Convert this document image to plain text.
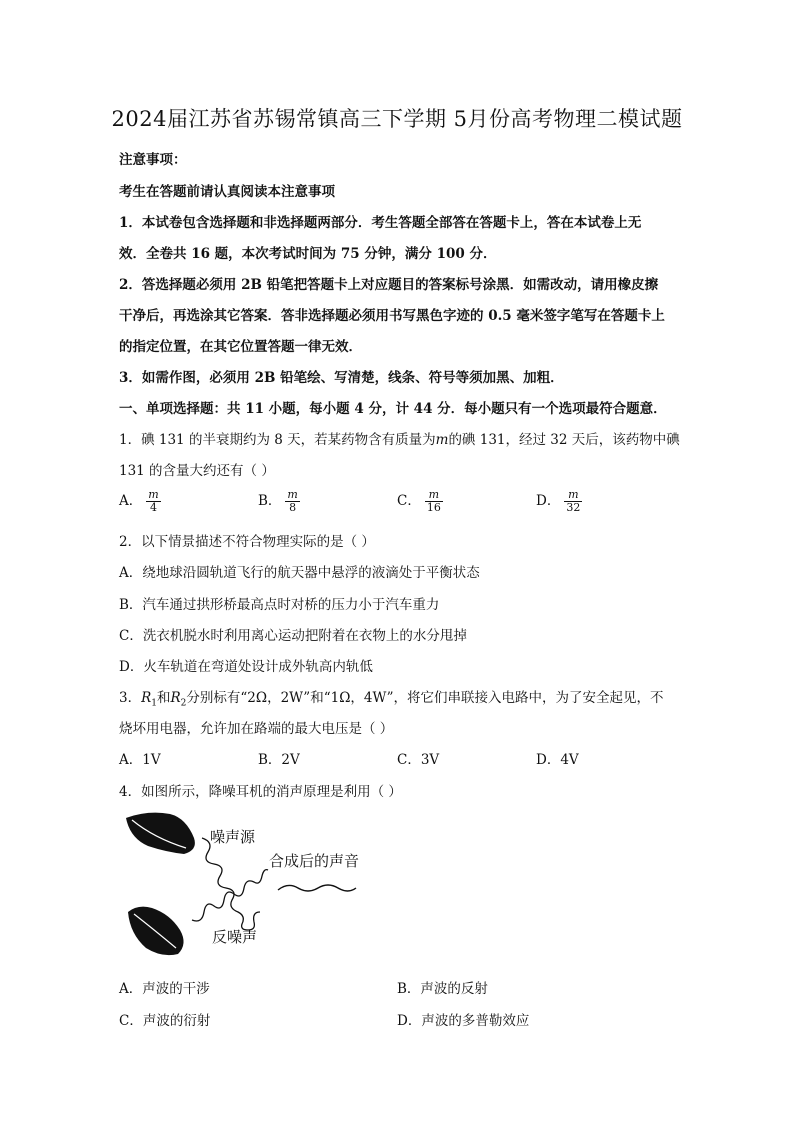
2024届江苏省苏锡常镇高三下学期 5月份高考物理二模试题
注意事项：
考生在答题前请认真阅读本注意事项
1．本试卷包含选择题和非选择题两部分．考生答题全部答在答题卡上，答在本试卷上无
效．全卷共 16 题，本次考试时间为 75 分钟，满分 100 分．
2．答选择题必须用 2B 铅笔把答题卡上对应题目的答案标号涂黑．如需改动，请用橡皮擦
干净后，再选涂其它答案．答非选择题必须用书写黑色字迹的 0.5 毫米签字笔写在答题卡上
的指定位置，在其它位置答题一律无效．
3．如需作图，必须用 2B 铅笔绘、写清楚，线条、符号等须加黑、加粗．
一、单项选择题：共 11 小题，每小题 4 分，计 44 分．每小题只有一个选项最符合题意．
1．碘 131 的半衰期约为 8 天，若某药物含有质量为m的碘 131，经过 32 天后，该药物中碘
131 的含量大约还有（ ）
A． $\frac{m}{4}$	B． $\frac{m}{8}$	C． $\frac{m}{16}$	D． $\frac{m}{32}$
2．以下情景描述不符合物理实际的是（ ）
A．绕地球沿圆轨道飞行的航天器中悬浮的液滴处于平衡状态
B．汽车通过拱形桥最高点时对桥的压力小于汽车重力
C．洗衣机脱水时利用离心运动把附着在衣物上的水分甩掉
D．火车轨道在弯道处设计成外轨高内轨低
3．$R_1$和$R_2$分别标有“2Ω，2W”和“1Ω，4W”，将它们串联接入电路中，为了安全起见，不
烧坏用电器，允许加在路端的最大电压是（ ）
A．1V	B．2V	C．3V	D．4V
4．如图所示，降噪耳机的消声原理是利用（ ）
噪声源
合成后的声音
反噪声
A．声波的干涉	B．声波的反射
C．声波的衍射	D．声波的多普勒效应
